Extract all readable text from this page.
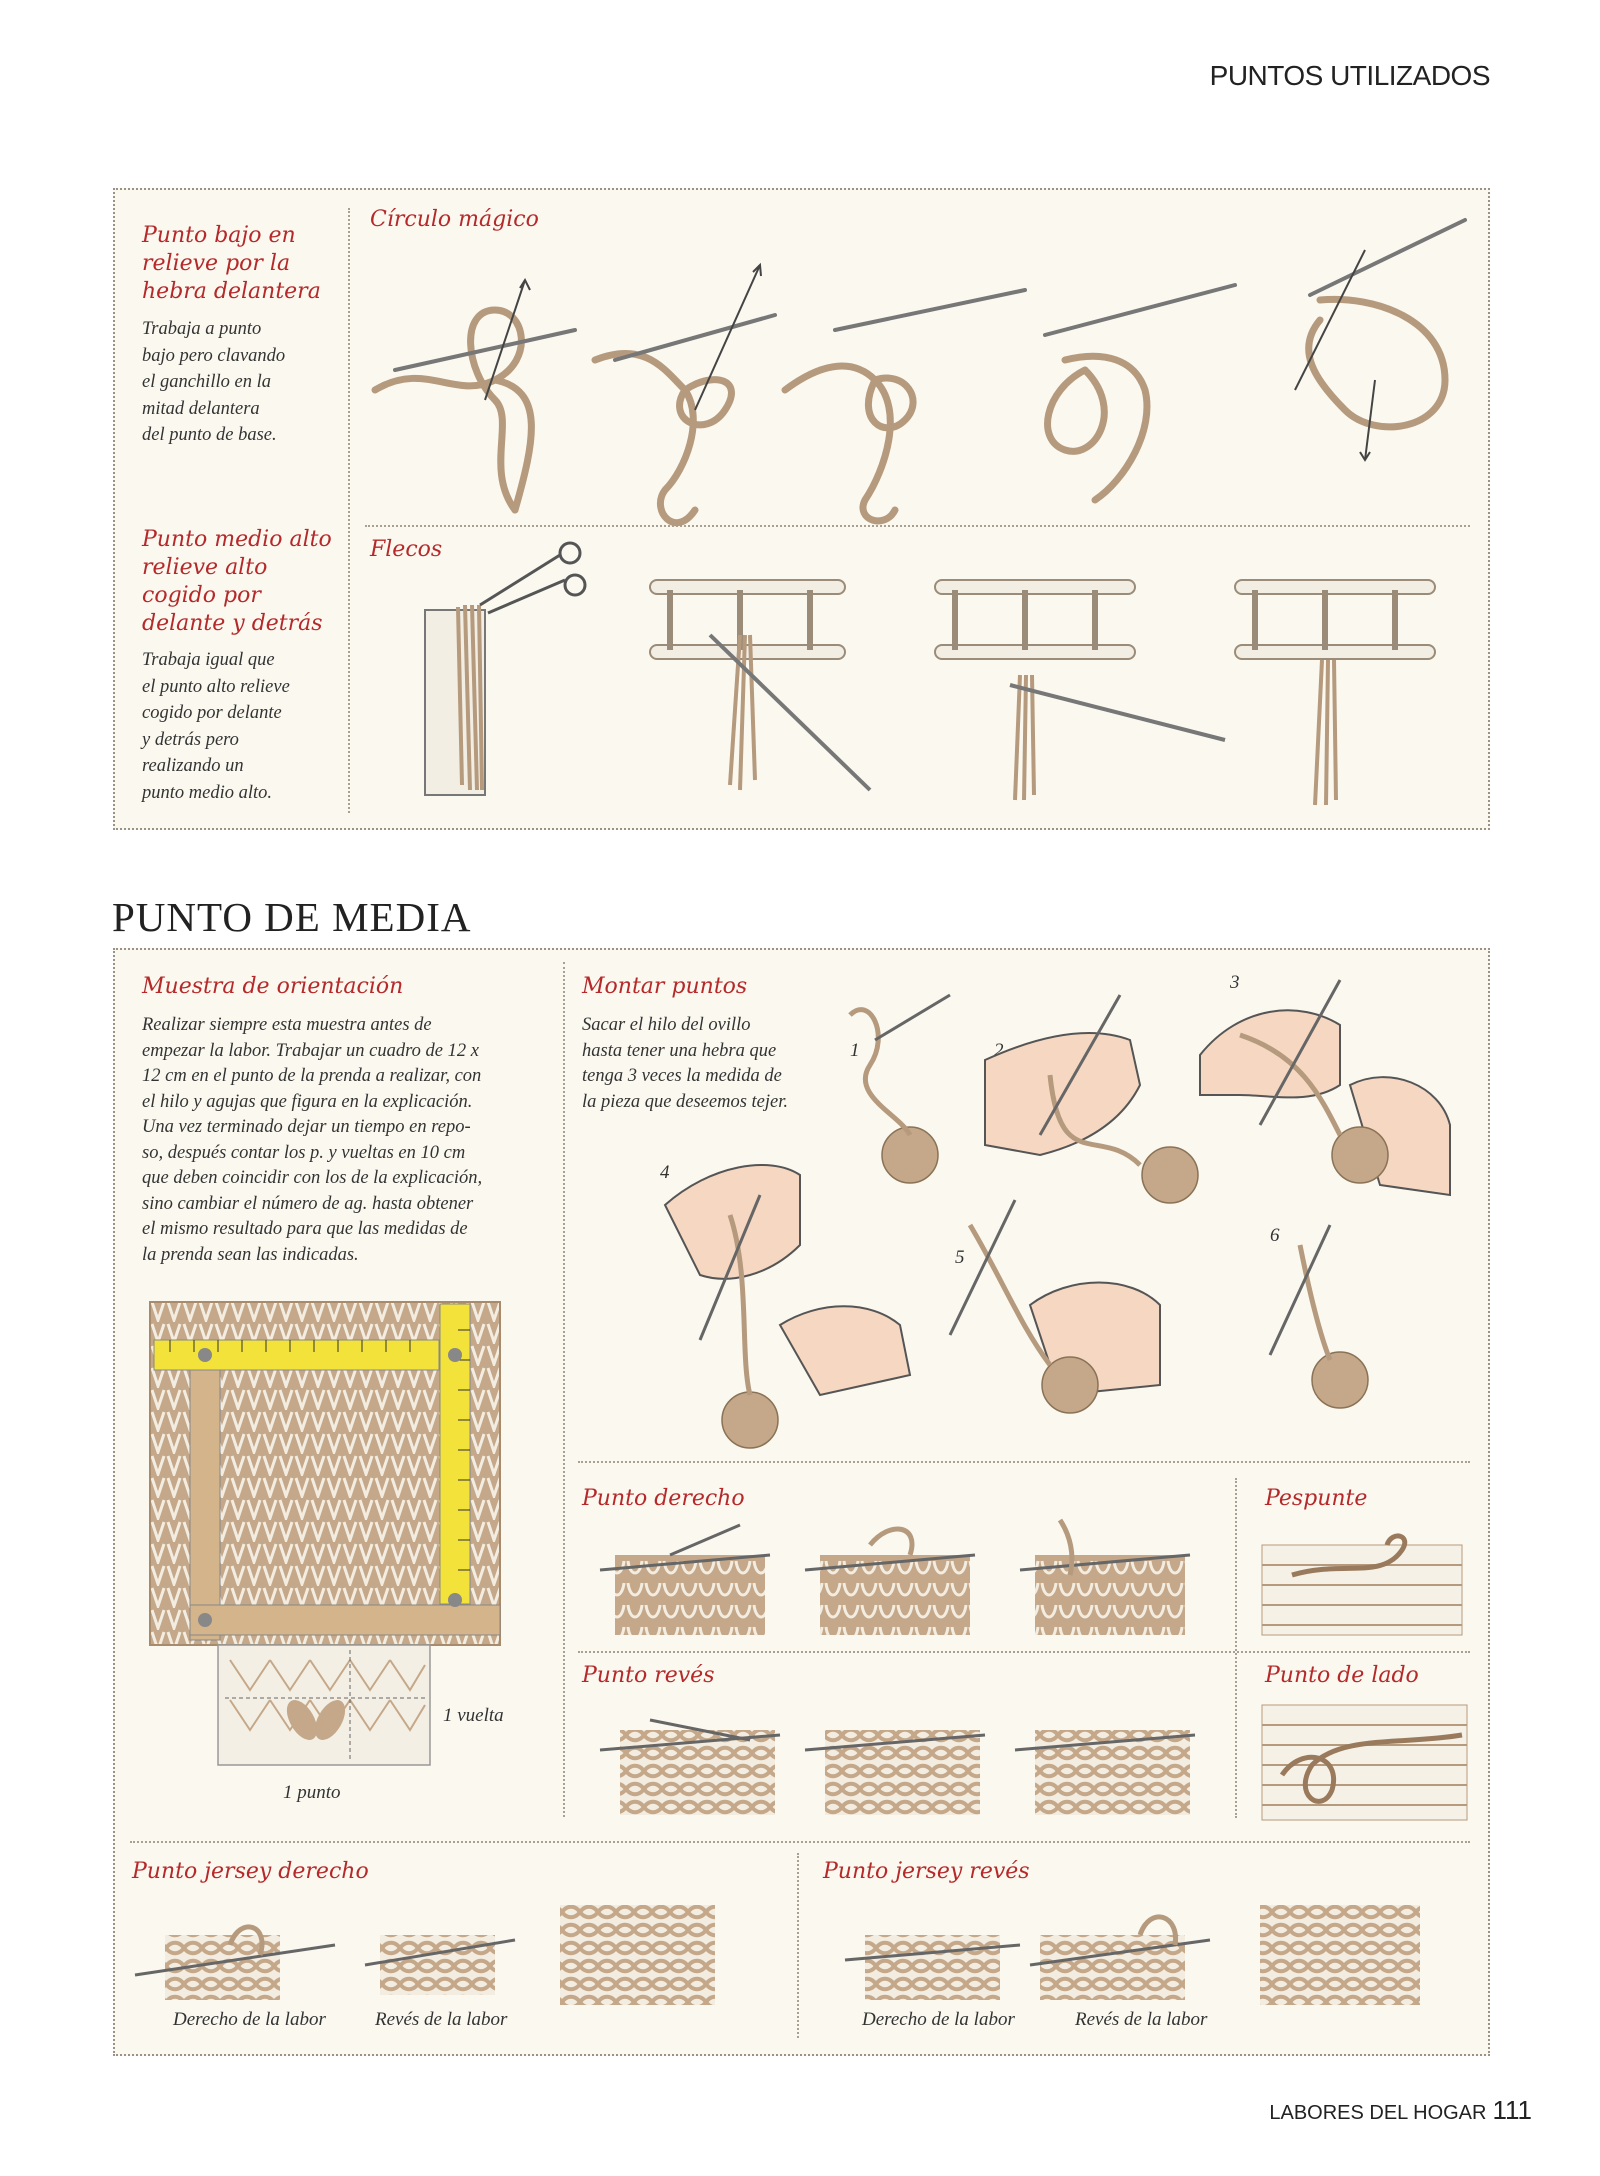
PUNTOS UTILIZADOS
Punto bajo en relieve por la hebra delantera
Trabaja a punto
bajo pero clavando
el ganchillo en la
mitad delantera
del punto de base.
Punto medio alto relieve alto cogido por delante y detrás
Trabaja igual que
el punto alto relieve
cogido por delante
y detrás pero
realizando un
punto medio alto.
Círculo mágico
Flecos
PUNTO DE MEDIA
Muestra de orientación
Realizar siempre esta muestra antes de
empezar la labor. Trabajar un cuadro de 12 x
12 cm en el punto de la prenda a realizar, con
el hilo y agujas que figura en la explicación.
Una vez terminado dejar un tiempo en repo-
so, después contar los p. y vueltas en 10 cm
que deben coincidir con los de la explicación,
sino cambiar el número de ag. hasta obtener
el mismo resultado para que las medidas de
la prenda sean las indicadas.
1 vuelta
1 punto
Montar puntos
Sacar el hilo del ovillo
hasta tener una hebra que
tenga 3 veces la medida de
la pieza que deseemos tejer.
1	2
3
4
5
6
Punto derecho
Punto revés
Pespunte
Punto de lado
Punto jersey derecho
Derecho de la labor	Revés de la labor
Punto jersey revés
Derecho de la labor	Revés de la labor
LABORES DEL HOGAR 111
